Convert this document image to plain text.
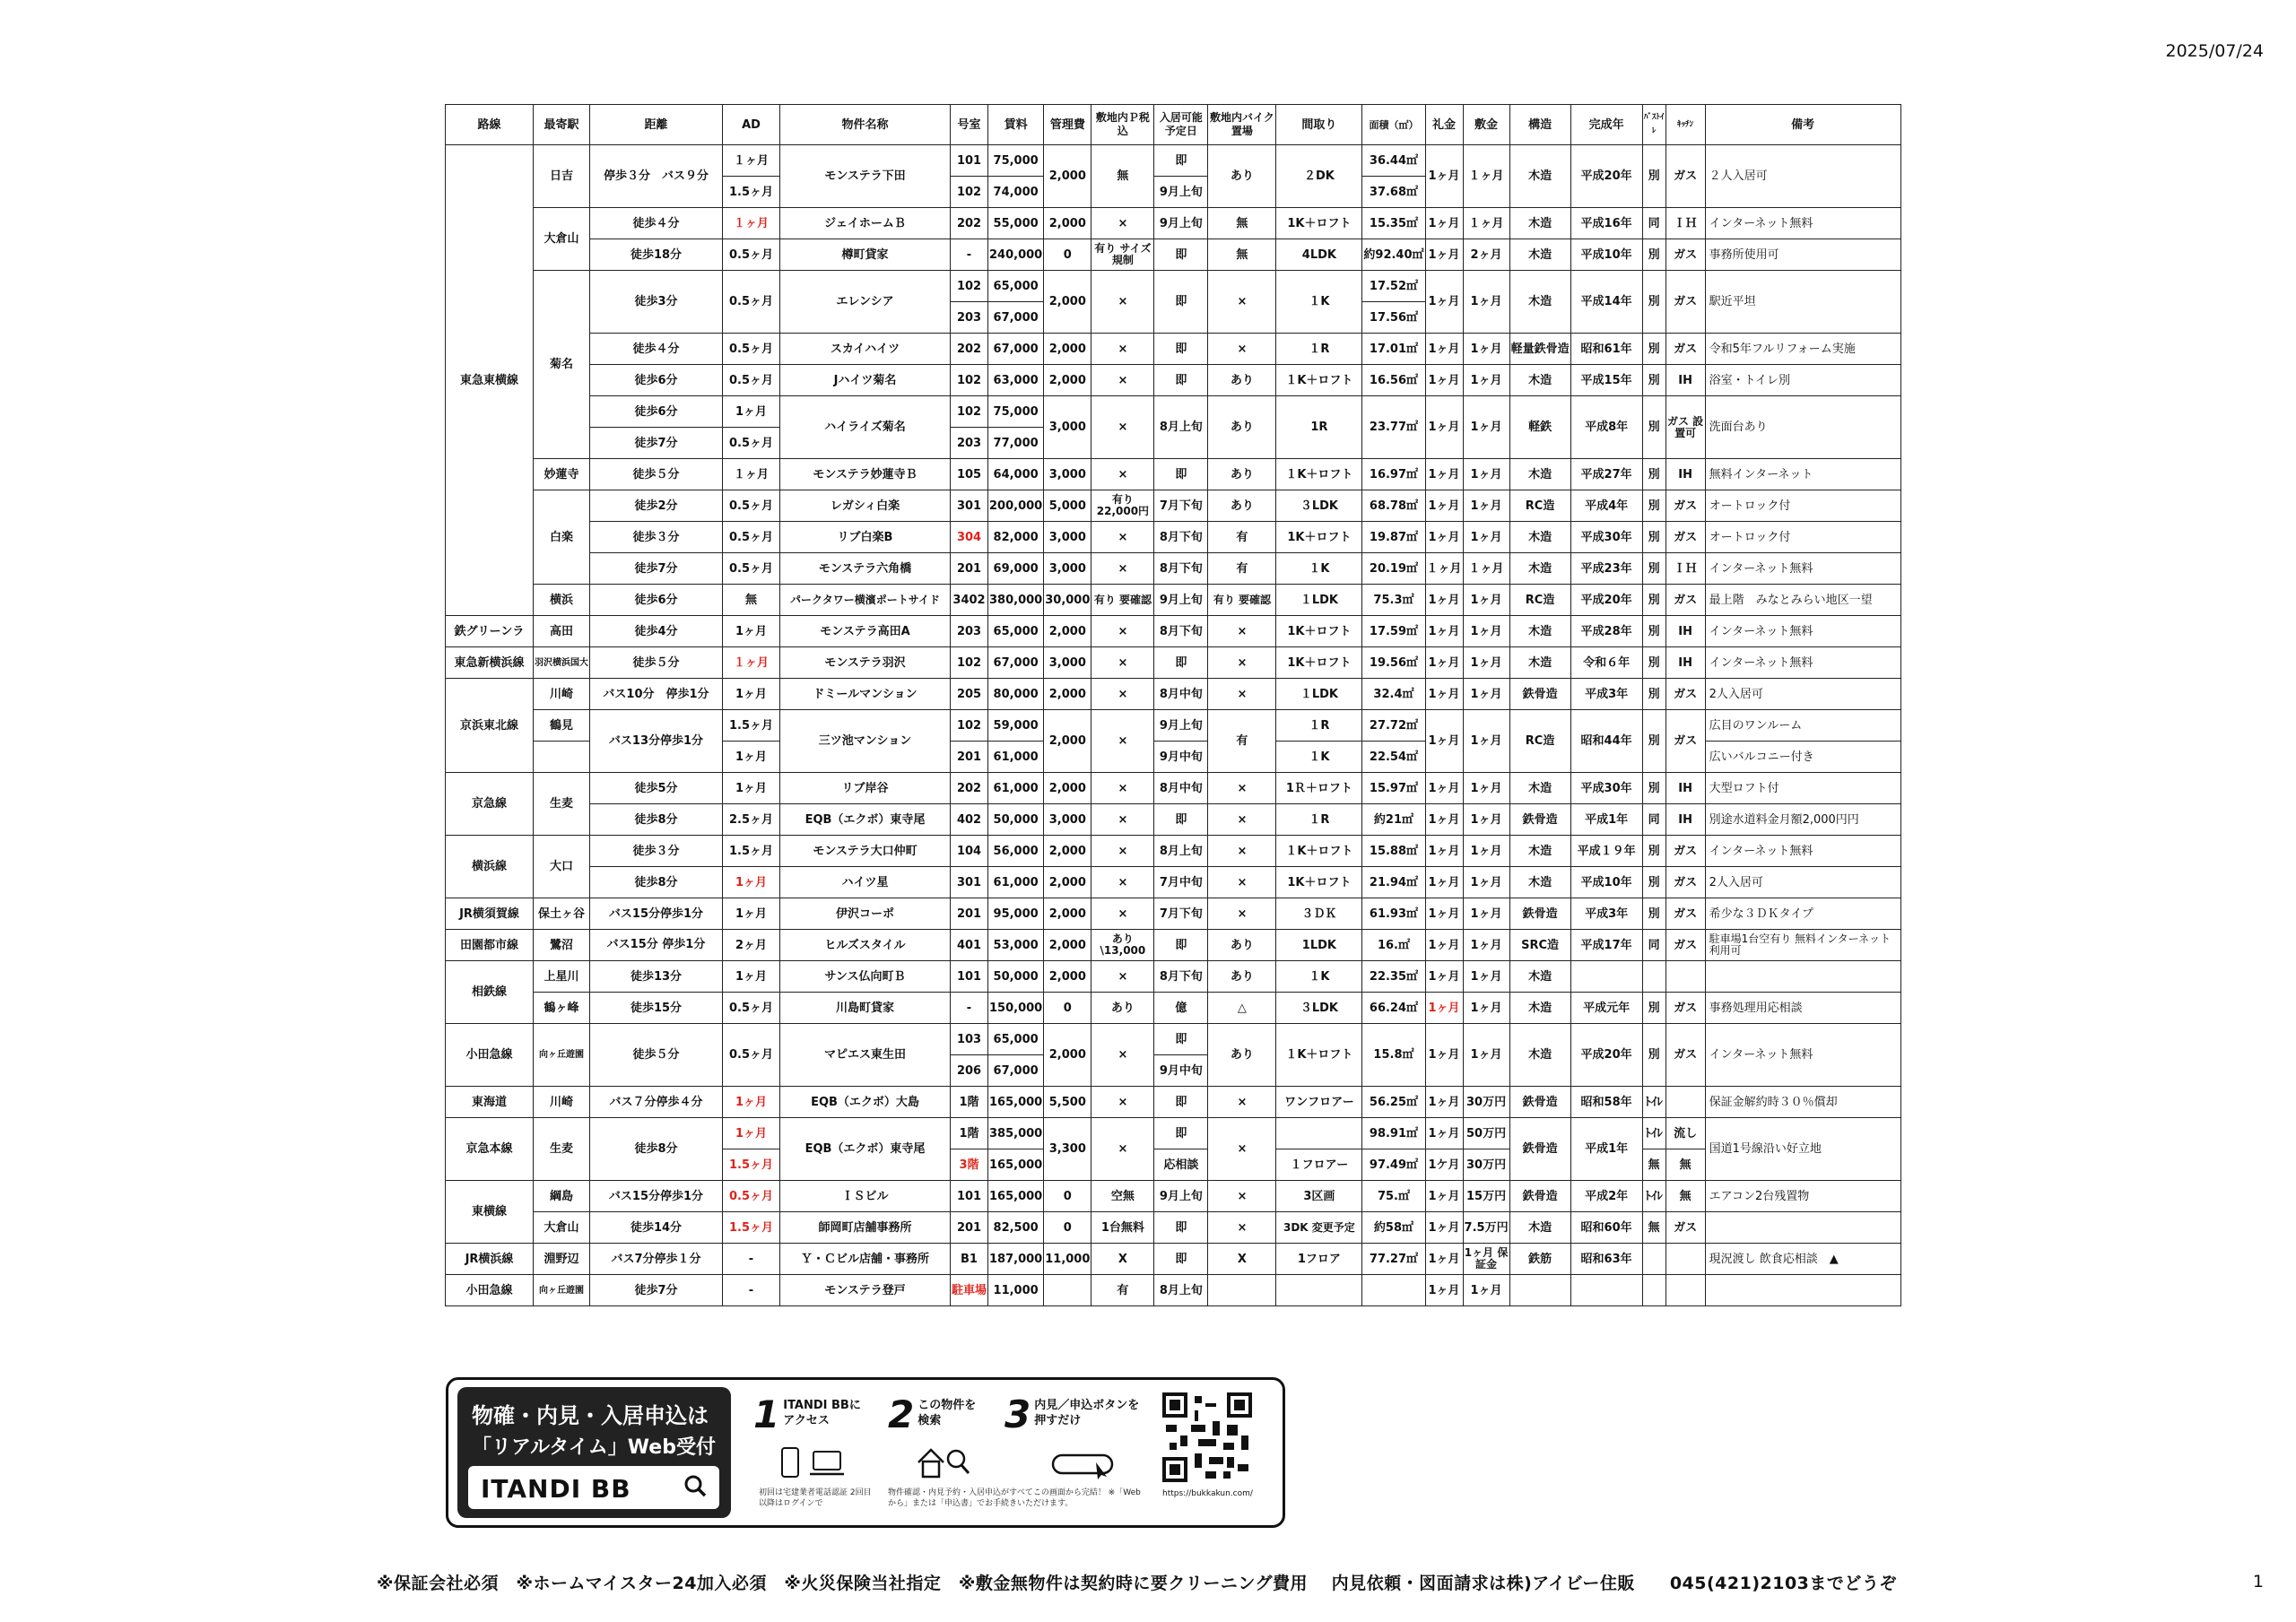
2025/07/24
路線	最寄駅	距離	AD	物件名称	号室	賃料	管理費	敷地内Ｐ税込	入居可能予定日	敷地内バイク置場	間取り	面積（㎡）	礼金	敷金	構造	完成年	ﾊﾞｽﾄｲﾚ	ｷｯﾁﾝ	備考
東急東横線	日吉	停歩３分　バス９分	１ヶ月	モンステラ下田	101	75,000	2,000	無	即	あり	２DK	36.44㎡	1ヶ月	１ヶ月	木造	平成20年	別	ガス	２人入居可
			1.5ヶ月		102	74,000			9月上旬			37.68㎡							
	大倉山	徒歩４分	１ヶ月	ジェイホームＢ	202	55,000	2,000	×	9月上旬	無	1K＋ロフト	15.35㎡	1ヶ月	１ヶ月	木造	平成16年	同	ＩＨ	インターネット無料
		徒歩18分	0.5ヶ月	樽町貸家	-	240,000	0	有り サイズ規制	即	無	4LDK	約92.40㎡	1ヶ月	2ヶ月	木造	平成10年	別	ガス	事務所使用可
	菊名	徒歩3分	0.5ヶ月	エレンシア	102	65,000	2,000	×	即	×	１K	17.52㎡	1ヶ月	1ヶ月	木造	平成14年	別	ガス	駅近平坦
					203	67,000						17.56㎡							
		徒歩４分	0.5ヶ月	スカイハイツ	202	67,000	2,000	×	即	×	１R	17.01㎡	1ヶ月	1ヶ月	軽量鉄骨造	昭和61年	別	ガス	令和5年フルリフォーム実施
		徒歩6分	0.5ヶ月	Jハイツ菊名	102	63,000	2,000	×	即	あり	１K＋ロフト	16.56㎡	1ヶ月	1ヶ月	木造	平成15年	別	IH	浴室・トイレ別
		徒歩6分	1ヶ月	ハイライズ菊名	102	75,000	3,000	×	8月上旬	あり	1R	23.77㎡	1ヶ月	1ヶ月	軽鉄	平成8年	別	ガス 設置可	洗面台あり
		徒歩7分	0.5ヶ月		203	77,000													
	妙蓮寺	徒歩５分	１ヶ月	モンステラ妙蓮寺Ｂ	105	64,000	3,000	×	即	あり	１K＋ロフト	16.97㎡	1ヶ月	1ヶ月	木造	平成27年	別	IH	無料インターネット
	白楽	徒歩2分	0.5ヶ月	レガシィ白楽	301	200,000	5,000	有り 22,000円	7月下旬	あり	３LDK	68.78㎡	1ヶ月	1ヶ月	RC造	平成4年	別	ガス	オートロック付
		徒歩３分	0.5ヶ月	リブ白楽B	304	82,000	3,000	×	8月下旬	有	1K＋ロフト	19.87㎡	1ヶ月	1ヶ月	木造	平成30年	別	ガス	オートロック付
		徒歩7分	0.5ヶ月	モンステラ六角橋	201	69,000	3,000	×	8月下旬	有	１K	20.19㎡	１ヶ月	１ヶ月	木造	平成23年	別	ＩＨ	インターネット無料
	横浜	徒歩6分	無	パークタワー横濱ポートサイド	3402	380,000	30,000	有り 要確認	9月上旬	有り 要確認	１LDK	75.3㎡	1ヶ月	1ヶ月	RC造	平成20年	別	ガス	最上階　みなとみらい地区一望
鉄グリーンラ	高田	徒歩4分	1ヶ月	モンステラ高田A	203	65,000	2,000	×	8月下旬	×	1K＋ロフト	17.59㎡	1ヶ月	1ヶ月	木造	平成28年	別	IH	インターネット無料
東急新横浜線	羽沢横浜国大	徒歩５分	１ヶ月	モンステラ羽沢	102	67,000	3,000	×	即	×	1K＋ロフト	19.56㎡	1ヶ月	1ヶ月	木造	令和６年	別	IH	インターネット無料
京浜東北線	川崎	バス10分　停歩1分	1ヶ月	ドミールマンション	205	80,000	2,000	×	8月中旬	×	１LDK	32.4㎡	1ヶ月	1ヶ月	鉄骨造	平成3年	別	ガス	2人入居可
	鶴見	バス13分停歩1分	1.5ヶ月	三ツ池マンション	102	59,000	2,000	×	9月上旬	有	１R	27.72㎡	1ヶ月	1ヶ月	RC造	昭和44年	別	ガス	広目のワンルーム
			1ヶ月		201	61,000			9月中旬		１K	22.54㎡							広いバルコニー付き
京急線	生麦	徒歩5分	1ヶ月	リブ岸谷	202	61,000	2,000	×	8月中旬	×	1Ｒ＋ロフト	15.97㎡	1ヶ月	1ヶ月	木造	平成30年	別	IH	大型ロフト付
		徒歩8分	2.5ヶ月	EQB（エクボ）東寺尾	402	50,000	3,000	×	即	×	１R	約21㎡	1ヶ月	1ヶ月	鉄骨造	平成1年	同	IH	別途水道料金月額2,000円円
横浜線	大口	徒歩３分	1.5ヶ月	モンステラ大口仲町	104	56,000	2,000	×	8月上旬	×	１K＋ロフト	15.88㎡	1ヶ月	1ヶ月	木造	平成１９年	別	ガス	インターネット無料
		徒歩8分	1ヶ月	ハイツ星	301	61,000	2,000	×	7月中旬	×	1K＋ロフト	21.94㎡	1ヶ月	1ヶ月	木造	平成10年	別	ガス	2人入居可
JR横須賀線	保土ヶ谷	バス15分停歩1分	1ヶ月	伊沢コーポ	201	95,000	2,000	×	7月下旬	×	３ＤＫ	61.93㎡	1ヶ月	1ヶ月	鉄骨造	平成3年	別	ガス	希少な３ＤＫタイプ
田園都市線	鷺沼	バス15分 停歩1分	2ヶ月	ヒルズスタイル	401	53,000	2,000	あり \13,000	即	あり	1LDK	16.㎡	1ヶ月	1ヶ月	SRC造	平成17年	同	ガス	駐車場1台空有り 無料インターネット利用可
相鉄線	上星川	徒歩13分	1ヶ月	サンス仏向町Ｂ	101	50,000	2,000	×	8月下旬	あり	１K	22.35㎡	1ヶ月	1ヶ月	木造				
	鶴ヶ峰	徒歩15分	0.5ヶ月	川島町貸家	-	150,000	0	あり	億	△	３LDK	66.24㎡	1ヶ月	1ヶ月	木造	平成元年	別	ガス	事務処理用応相談
小田急線	向ヶ丘遊園	徒歩５分	0.5ヶ月	マピエス東生田	103	65,000	2,000	×	即	あり	１K＋ロフト	15.8㎡	1ヶ月	1ヶ月	木造	平成20年	別	ガス	インターネット無料
					206	67,000			9月中旬										
東海道	川崎	バス７分停歩４分	1ヶ月	EQB（エクボ）大島	1階	165,000	5,500	×	即	×	ワンフロアー	56.25㎡	1ヶ月	30万円	鉄骨造	昭和58年	ﾄｲﾚ		保証金解約時３０％償却
京急本線	生麦	徒歩8分	1ヶ月	EQB（エクボ）東寺尾	1階	385,000	3,300	×	即	×		98.91㎡	1ヶ月	50万円	鉄骨造	平成1年	ﾄｲﾚ	流し	国道1号線沿い好立地
			1.5ヶ月		3階	165,000			応相談		１フロアー	97.49㎡	1ケ月	30万円			無	無	
東横線	綱島	バス15分停歩1分	0.5ヶ月	ＩＳビル	101	165,000	0	空無	9月上旬	×	3区画	75.㎡	1ヶ月	15万円	鉄骨造	平成2年	ﾄｲﾚ	無	エアコン2台残置物
	大倉山	徒歩14分	1.5ヶ月	師岡町店舗事務所	201	82,500	0	1台無料	即	×	3DK 変更予定	約58㎡	1ヶ月	7.5万円	木造	昭和60年	無	ガス	
JR横浜線	淵野辺	バス7分停歩１分	-	Ｙ・Ｃビル店舗・事務所	B1	187,000	11,000	X	即	X	1フロア	77.27㎡	1ヶ月	1ヶ月 保証金	鉄筋	昭和63年			現況渡し 飲食応相談　▲
小田急線	向ヶ丘遊園	徒歩7分	-	モンステラ登戸	駐車場	11,000		有	8月上旬				1ヶ月	1ヶ月					
物確・内見・入居申込は
「リアルタイム」Web受付
ITANDI BB
1 ITANDI BBに アクセス
初回は宅建業者電話認証 2回目以降はログインで
2 この物件を 検索
物件確認・内見予約・入居申込がすべてこの画面から完結！ ※「Webから」または「申込書」でお手続きいただけます。
3 内見／申込ボタンを 押すだけ
https://bukkakun.com/
※保証会社必須　※ホームマイスター24加入必須　※火災保険当社指定　※敷金無物件は契約時に要クリーニング費用　 内見依頼・図面請求は株)アイビー住販　　045(421)2103までどうぞ	1
